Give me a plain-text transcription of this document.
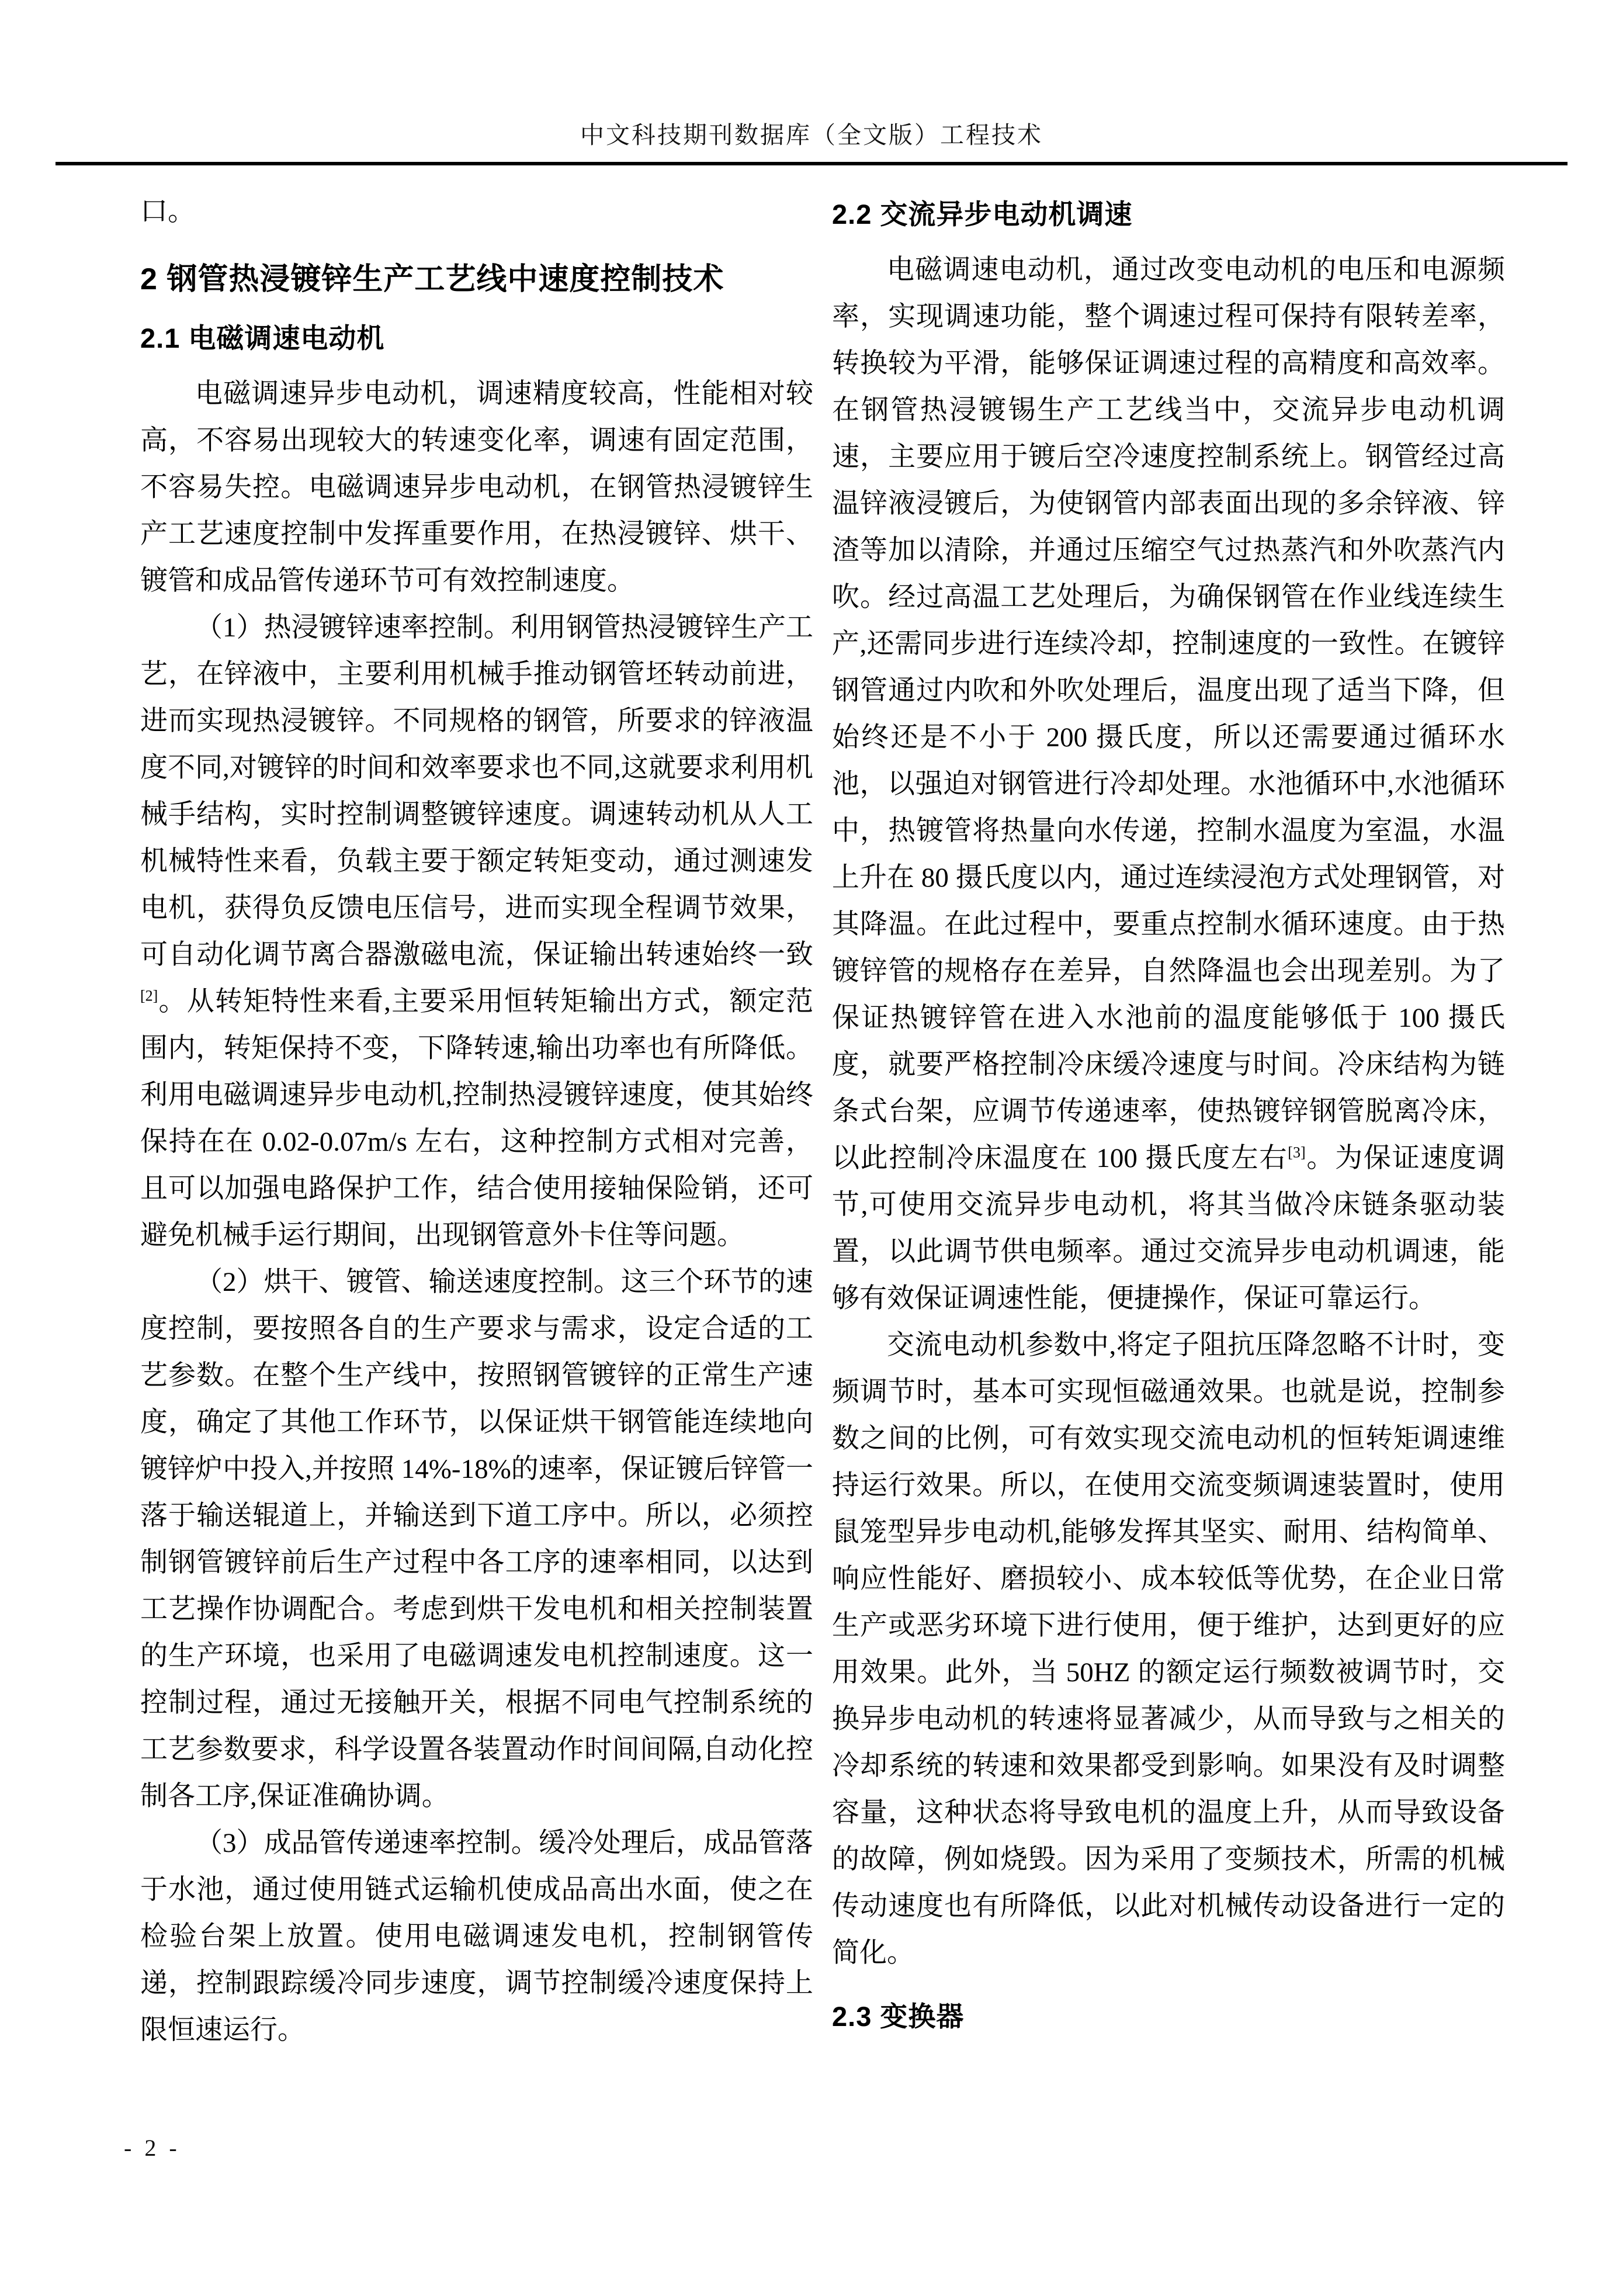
中文科技期刊数据库（全文版）工程技术

口。

2 钢管热浸镀锌生产工艺线中速度控制技术
2.1 电磁调速电动机

电磁调速异步电动机，调速精度较高，性能相对较高，不容易出现较大的转速变化率，调速有固定范围，不容易失控。电磁调速异步电动机，在钢管热浸镀锌生产工艺速度控制中发挥重要作用，在热浸镀锌、烘干、镀管和成品管传递环节可有效控制速度。

（1）热浸镀锌速率控制。利用钢管热浸镀锌生产工艺，在锌液中，主要利用机械手推动钢管坯转动前进，进而实现热浸镀锌。不同规格的钢管，所要求的锌液温度不同,对镀锌的时间和效率要求也不同,这就要求利用机械手结构，实时控制调整镀锌速度。调速转动机从人工机械特性来看，负载主要于额定转矩变动，通过测速发电机，获得负反馈电压信号，进而实现全程调节效果，可自动化调节离合器激磁电流，保证输出转速始终一致[2]。从转矩特性来看,主要采用恒转矩输出方式，额定范围内，转矩保持不变，下降转速,输出功率也有所降低。利用电磁调速异步电动机,控制热浸镀锌速度，使其始终保持在在 0.02-0.07m/s 左右，这种控制方式相对完善，且可以加强电路保护工作，结合使用接轴保险销，还可避免机械手运行期间，出现钢管意外卡住等问题。

（2）烘干、镀管、输送速度控制。这三个环节的速度控制，要按照各自的生产要求与需求，设定合适的工艺参数。在整个生产线中，按照钢管镀锌的正常生产速度，确定了其他工作环节，以保证烘干钢管能连续地向镀锌炉中投入,并按照 14%-18%的速率，保证镀后锌管一落于输送辊道上，并输送到下道工序中。所以，必须控制钢管镀锌前后生产过程中各工序的速率相同，以达到工艺操作协调配合。考虑到烘干发电机和相关控制装置的生产环境，也采用了电磁调速发电机控制速度。这一控制过程，通过无接触开关，根据不同电气控制系统的工艺参数要求，科学设置各装置动作时间间隔,自动化控制各工序,保证准确协调。

（3）成品管传递速率控制。缓冷处理后，成品管落于水池，通过使用链式运输机使成品高出水面，使之在检验台架上放置。使用电磁调速发电机，控制钢管传递，控制跟踪缓冷同步速度，调节控制缓冷速度保持上限恒速运行。

2.2 交流异步电动机调速

电磁调速电动机，通过改变电动机的电压和电源频率，实现调速功能，整个调速过程可保持有限转差率，转换较为平滑，能够保证调速过程的高精度和高效率。在钢管热浸镀锡生产工艺线当中，交流异步电动机调速，主要应用于镀后空冷速度控制系统上。钢管经过高温锌液浸镀后，为使钢管内部表面出现的多余锌液、锌渣等加以清除，并通过压缩空气过热蒸汽和外吹蒸汽内吹。经过高温工艺处理后，为确保钢管在作业线连续生产,还需同步进行连续冷却，控制速度的一致性。在镀锌钢管通过内吹和外吹处理后，温度出现了适当下降，但始终还是不小于 200 摄氏度，所以还需要通过循环水池，以强迫对钢管进行冷却处理。水池循环中,水池循环中，热镀管将热量向水传递，控制水温度为室温，水温上升在 80 摄氏度以内，通过连续浸泡方式处理钢管，对其降温。在此过程中，要重点控制水循环速度。由于热镀锌管的规格存在差异，自然降温也会出现差别。为了保证热镀锌管在进入水池前的温度能够低于 100 摄氏度，就要严格控制冷床缓冷速度与时间。冷床结构为链条式台架，应调节传递速率，使热镀锌钢管脱离冷床，以此控制冷床温度在 100 摄氏度左右[3]。为保证速度调节,可使用交流异步电动机，将其当做冷床链条驱动装置，以此调节供电频率。通过交流异步电动机调速，能够有效保证调速性能，便捷操作，保证可靠运行。

交流电动机参数中,将定子阻抗压降忽略不计时，变频调节时，基本可实现恒磁通效果。也就是说，控制参数之间的比例，可有效实现交流电动机的恒转矩调速维持运行效果。所以，在使用交流变频调速装置时，使用鼠笼型异步电动机,能够发挥其坚实、耐用、结构简单、响应性能好、磨损较小、成本较低等优势，在企业日常生产或恶劣环境下进行使用，便于维护，达到更好的应用效果。此外，当 50HZ 的额定运行频数被调节时，交换异步电动机的转速将显著减少，从而导致与之相关的冷却系统的转速和效果都受到影响。如果没有及时调整容量，这种状态将导致电机的温度上升，从而导致设备的故障，例如烧毁。因为采用了变频技术，所需的机械传动速度也有所降低，以此对机械传动设备进行一定的简化。

2.3 变换器
- 2 -
